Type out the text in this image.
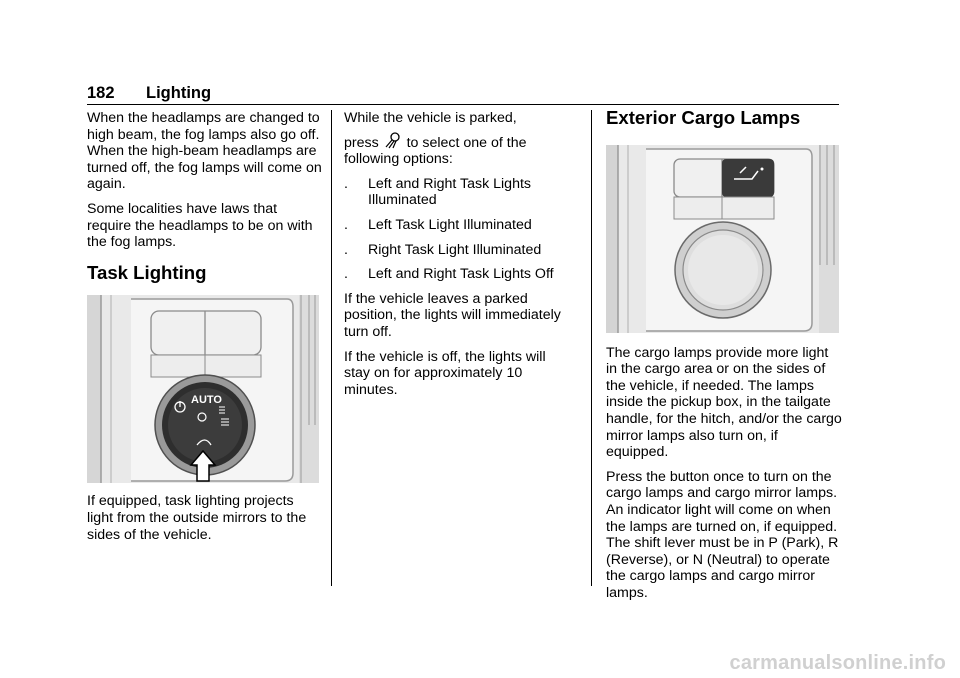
182 Lighting

When the headlamps are changed to high beam, the fog lamps also go off. When the high-beam headlamps are turned off, the fog lamps will come on again.

Some localities have laws that require the headlamps to be on with the fog lamps.

Task Lighting
AUTO

If equipped, task lighting projects light from the outside mirrors to the sides of the vehicle.

While the vehicle is parked,

press to select one of the following options:

. Left and Right Task Lights Illuminated
. Left Task Light Illuminated
. Right Task Light Illuminated
. Left and Right Task Lights Off

If the vehicle leaves a parked position, the lights will immediately turn off.

If the vehicle is off, the lights will stay on for approximately 10 minutes.

Exterior Cargo Lamps

The cargo lamps provide more light in the cargo area or on the sides of the vehicle, if needed. The lamps inside the pickup box, in the tailgate handle, for the hitch, and/or the cargo mirror lamps also turn on, if equipped.

Press the button once to turn on the cargo lamps and cargo mirror lamps. An indicator light will come on when the lamps are turned on, if equipped. The shift lever must be in P (Park), R (Reverse), or N (Neutral) to operate the cargo lamps and cargo mirror lamps.

carmanualsonline.info
